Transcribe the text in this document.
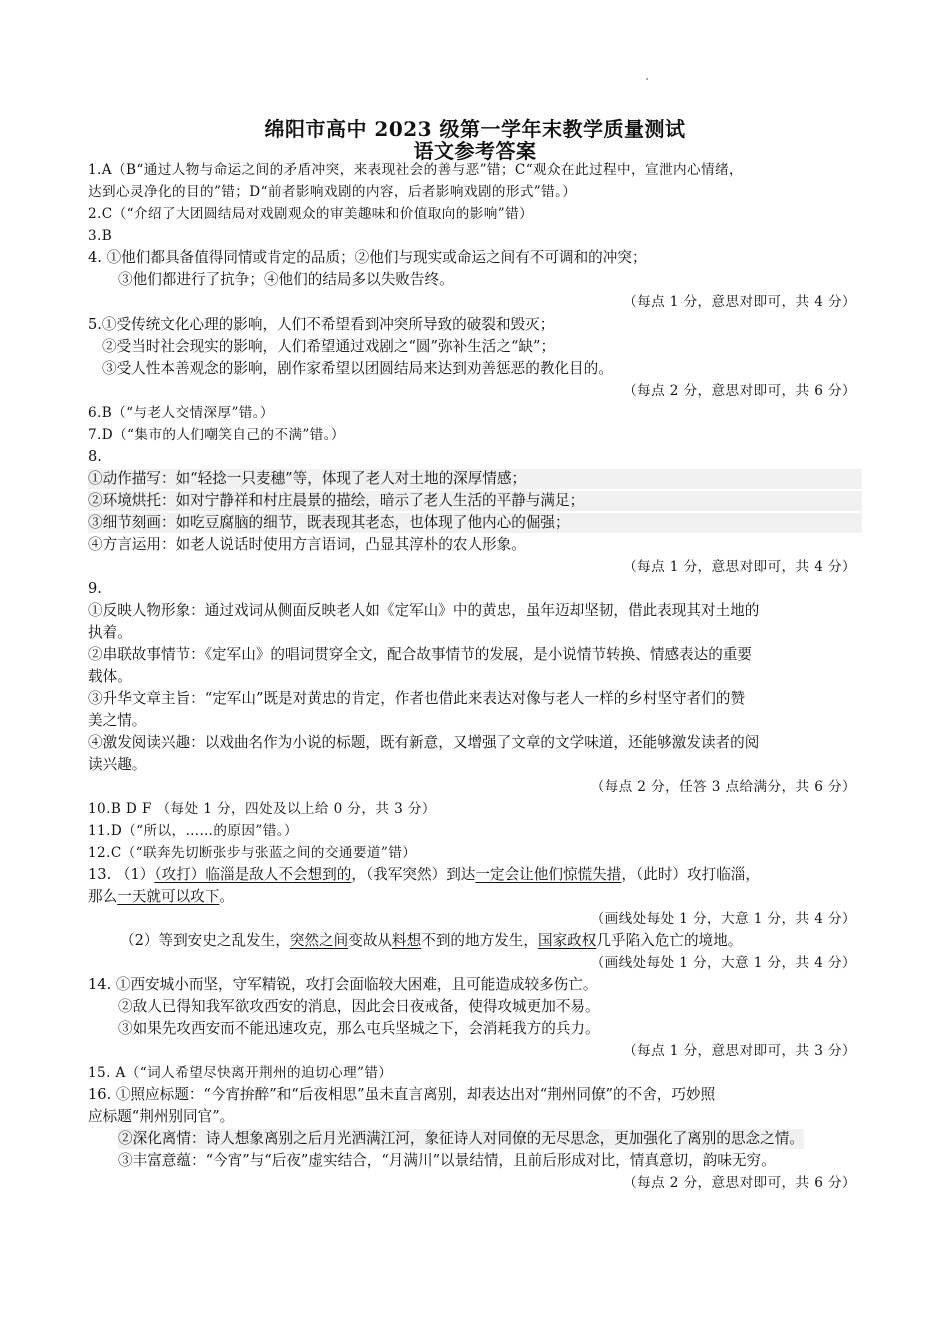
绵阳市高中 2023 级第一学年末教学质量测试
语文参考答案
1.A（B“通过人物与命运之间的矛盾冲突，来表现社会的善与恶”错；C“观众在此过程中，宣泄内心情绪，
达到心灵净化的目的”错；D“前者影响戏剧的内容，后者影响戏剧的形式”错。）
2.C（“介绍了大团圆结局对戏剧观众的审美趣味和价值取向的影响”错）
3.B
4. ①他们都具备值得同情或肯定的品质；②他们与现实或命运之间有不可调和的冲突；
③他们都进行了抗争；④他们的结局多以失败告终。
（每点 1 分，意思对即可，共 4 分）
5.①受传统文化心理的影响，人们不希望看到冲突所导致的破裂和毁灭；
②受当时社会现实的影响，人们希望通过戏剧之“圆”弥补生活之“缺”；
③受人性本善观念的影响，剧作家希望以团圆结局来达到劝善惩恶的教化目的。
（每点 2 分，意思对即可，共 6 分）
6.B（“与老人交情深厚”错。）
7.D（“集市的人们嘲笑自己的不满”错。）
8.
①动作描写：如“轻捻一只麦穗”等，体现了老人对土地的深厚情感；
②环境烘托：如对宁静祥和村庄晨景的描绘，暗示了老人生活的平静与满足；
③细节刻画：如吃豆腐脑的细节，既表现其老态，也体现了他内心的倔强；
④方言运用：如老人说话时使用方言语词，凸显其淳朴的农人形象。
（每点 1 分，意思对即可，共 4 分）
9.
①反映人物形象：通过戏词从侧面反映老人如《定军山》中的黄忠，虽年迈却坚韧，借此表现其对土地的
执着。
②串联故事情节：《定军山》的唱词贯穿全文，配合故事情节的发展，是小说情节转换、情感表达的重要
载体。
③升华文章主旨：“定军山”既是对黄忠的肯定，作者也借此来表达对像与老人一样的乡村坚守者们的赞
美之情。
④激发阅读兴趣：以戏曲名作为小说的标题，既有新意，又增强了文章的文学味道，还能够激发读者的阅
读兴趣。
（每点 2 分，任答 3 点给满分，共 6 分）
10.B D F （每处 1 分，四处及以上给 0 分，共 3 分）
11.D（“所以，……的原因”错。）
12.C（“联奔先切断张步与张蓝之间的交通要道”错）
13. （1）（攻打）临淄是敌人不会想到的，（我军突然）到达一定会让他们惊慌失措，（此时）攻打临淄，
那么一天就可以攻下。
（画线处每处 1 分，大意 1 分，共 4 分）
（2）等到安史之乱发生，突然之间变故从料想不到的地方发生，国家政权几乎陷入危亡的境地。
（画线处每处 1 分，大意 1 分，共 4 分）
14. ①西安城小而坚，守军精锐，攻打会面临较大困难，且可能造成较多伤亡。
②敌人已得知我军欲攻西安的消息，因此会日夜戒备，使得攻城更加不易。
③如果先攻西安而不能迅速攻克，那么屯兵坚城之下，会消耗我方的兵力。
（每点 1 分，意思对即可，共 3 分）
15. A（“词人希望尽快离开荆州的迫切心理”错）
16. ①照应标题：“今宵拚醉”和“后夜相思”虽未直言离别，却表达出对“荆州同僚”的不舍，巧妙照
应标题“荆州别同官”。
②深化离情：诗人想象离别之后月光洒满江河，象征诗人对同僚的无尽思念，更加强化了离别的思念之情。
③丰富意蕴：“今宵”与“后夜”虚实结合，“月满川”以景结情，且前后形成对比，情真意切，韵味无穷。
（每点 2 分，意思对即可，共 6 分）
